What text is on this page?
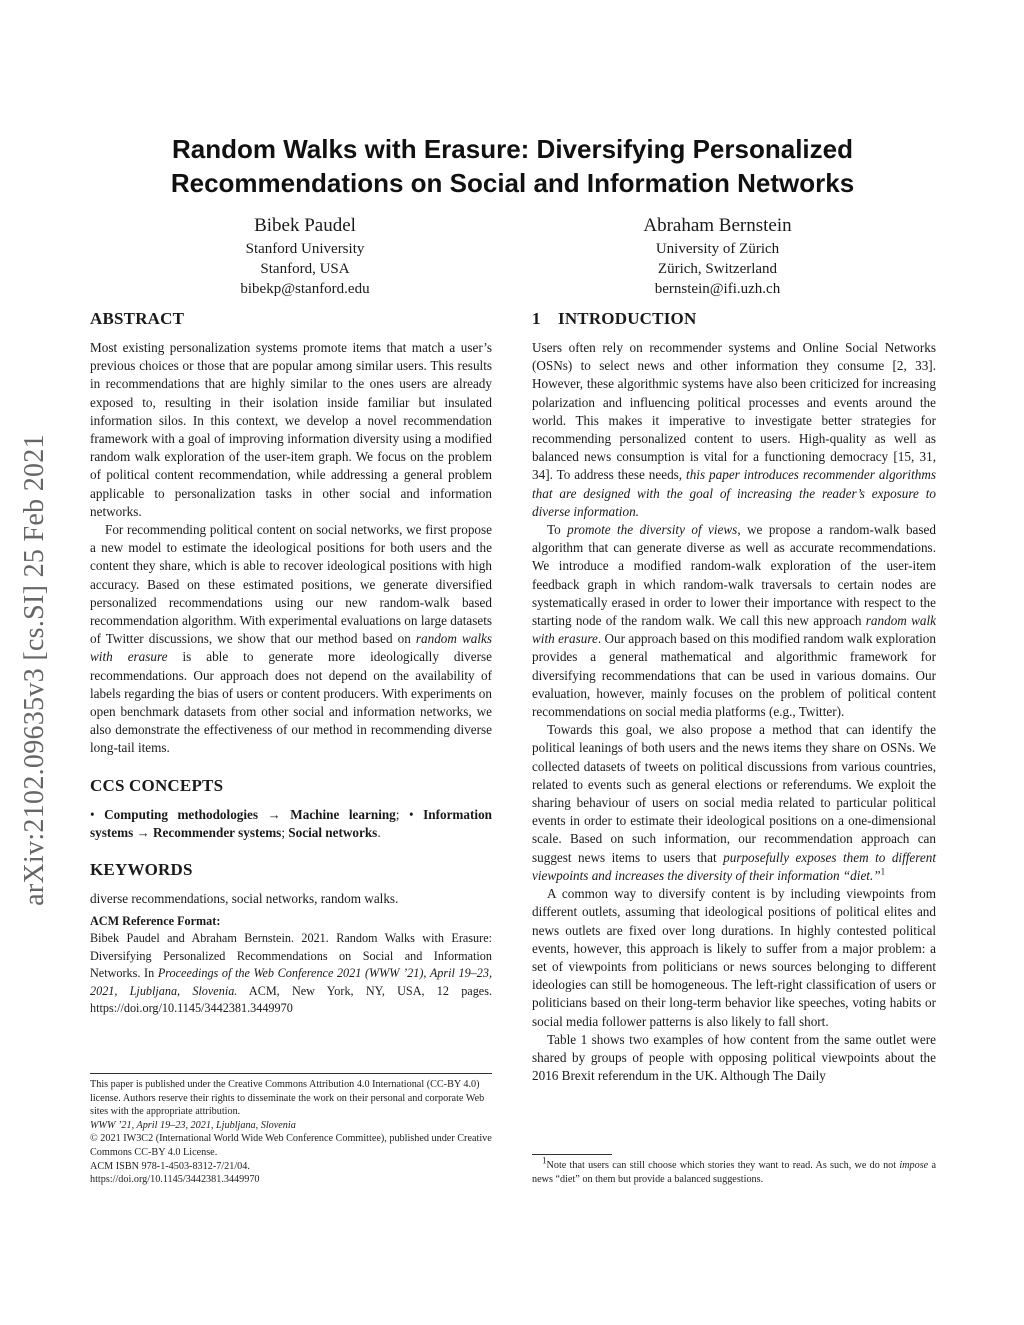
arXiv:2102.09635v3 [cs.SI] 25 Feb 2021
Random Walks with Erasure: Diversifying Personalized
Recommendations on Social and Information Networks
Bibek Paudel
Stanford University
Stanford, USA
bibekp@stanford.edu
Abraham Bernstein
University of Zürich
Zürich, Switzerland
bernstein@ifi.uzh.ch
ABSTRACT

Most existing personalization systems promote items that match a user’s previous choices or those that are popular among similar users. This results in recommendations that are highly similar to the ones users are already exposed to, resulting in their isolation inside familiar but insulated information silos. In this context, we develop a novel recommendation framework with a goal of improving information diversity using a modified random walk exploration of the user-item graph. We focus on the problem of political content recommendation, while addressing a general problem applicable to personalization tasks in other social and information networks.

For recommending political content on social networks, we first propose a new model to estimate the ideological positions for both users and the content they share, which is able to recover ideological positions with high accuracy. Based on these estimated positions, we generate diversified personalized recommendations using our new random-walk based recommendation algorithm. With experimental evaluations on large datasets of Twitter discussions, we show that our method based on random walks with erasure is able to generate more ideologically diverse recommendations. Our approach does not depend on the availability of labels regarding the bias of users or content producers. With experiments on open benchmark datasets from other social and information networks, we also demonstrate the effectiveness of our method in recommending diverse long-tail items.

CCS CONCEPTS

• Computing methodologies → Machine learning; • Information systems → Recommender systems; Social networks.

KEYWORDS

diverse recommendations, social networks, random walks.

ACM Reference Format:

Bibek Paudel and Abraham Bernstein. 2021. Random Walks with Erasure: Diversifying Personalized Recommendations on Social and Information Networks. In Proceedings of the Web Conference 2021 (WWW ’21), April 19–23, 2021, Ljubljana, Slovenia. ACM, New York, NY, USA, 12 pages. https://doi.org/10.1145/3442381.3449970

This paper is published under the Creative Commons Attribution 4.0 International (CC-BY 4.0) license. Authors reserve their rights to disseminate the work on their personal and corporate Web sites with the appropriate attribution.
WWW ’21, April 19–23, 2021, Ljubljana, Slovenia
© 2021 IW3C2 (International World Wide Web Conference Committee), published under Creative Commons CC-BY 4.0 License.
ACM ISBN 978-1-4503-8312-7/21/04.
https://doi.org/10.1145/3442381.3449970
1 INTRODUCTION

Users often rely on recommender systems and Online Social Networks (OSNs) to select news and other information they consume [2, 33]. However, these algorithmic systems have also been criticized for increasing polarization and influencing political processes and events around the world. This makes it imperative to investigate better strategies for recommending personalized content to users. High-quality as well as balanced news consumption is vital for a functioning democracy [15, 31, 34]. To address these needs, this paper introduces recommender algorithms that are designed with the goal of increasing the reader’s exposure to diverse information.

To promote the diversity of views, we propose a random-walk based algorithm that can generate diverse as well as accurate recommendations. We introduce a modified random-walk exploration of the user-item feedback graph in which random-walk traversals to certain nodes are systematically erased in order to lower their importance with respect to the starting node of the random walk. We call this new approach random walk with erasure. Our approach based on this modified random walk exploration provides a general mathematical and algorithmic framework for diversifying recommendations that can be used in various domains. Our evaluation, however, mainly focuses on the problem of political content recommendations on social media platforms (e.g., Twitter).

Towards this goal, we also propose a method that can identify the political leanings of both users and the news items they share on OSNs. We collected datasets of tweets on political discussions from various countries, related to events such as general elections or referendums. We exploit the sharing behaviour of users on social media related to particular political events in order to estimate their ideological positions on a one-dimensional scale. Based on such information, our recommendation approach can suggest news items to users that purposefully exposes them to different viewpoints and increases the diversity of their information “diet.”$^1$

A common way to diversify content is by including viewpoints from different outlets, assuming that ideological positions of political elites and news outlets are fixed over long durations. In highly contested political events, however, this approach is likely to suffer from a major problem: a set of viewpoints from politicians or news sources belonging to different ideologies can still be homogeneous. The left-right classification of users or politicians based on their long-term behavior like speeches, voting habits or social media follower patterns is also likely to fall short.

Table 1 shows two examples of how content from the same outlet were shared by groups of people with opposing political viewpoints about the 2016 Brexit referendum in the UK. Although The Daily

$^1$Note that users can still choose which stories they want to read. As such, we do not impose a news “diet” on them but provide a balanced suggestions.
